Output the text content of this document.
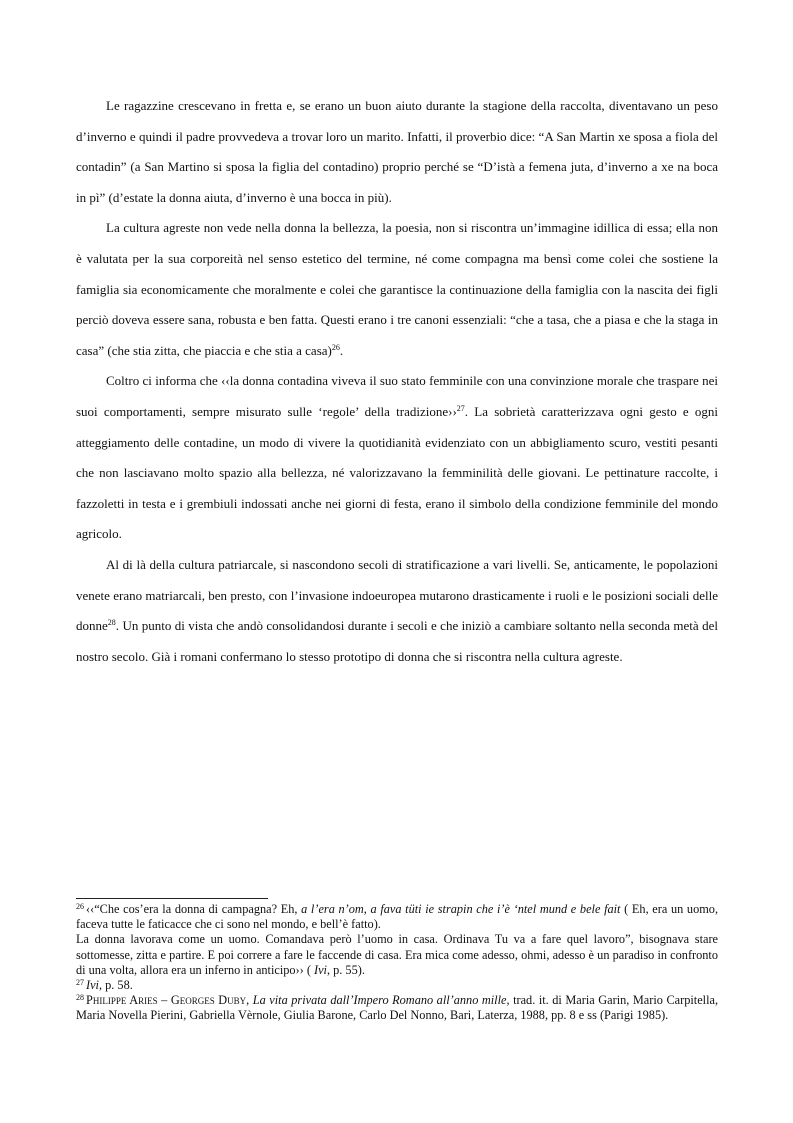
Le ragazzine crescevano in fretta e, se erano un buon aiuto durante la stagione della raccolta, diventavano un peso d’inverno e quindi il padre provvedeva a trovar loro un marito. Infatti, il proverbio dice: “A San Martin xe sposa a fiola del contadin” (a San Martino si sposa la figlia del contadino) proprio perché se “D’istà a femena juta, d’inverno a xe na boca in pì” (d’estate la donna aiuta, d’inverno è una bocca in più).

La cultura agreste non vede nella donna la bellezza, la poesia, non si riscontra un’immagine idillica di essa; ella non è valutata per la sua corporeità nel senso estetico del termine, né come compagna ma bensì come colei che sostiene la famiglia sia economicamente che moralmente e colei che garantisce la continuazione della famiglia con la nascita dei figli perciò doveva essere sana, robusta e ben fatta. Questi erano i tre canoni essenziali: “che a tasa, che a piasa e che la staga in casa” (che stia zitta, che piaccia e che stia a casa)$^{26}$.

Coltro ci informa che ‹‹la donna contadina viveva il suo stato femminile con una convinzione morale che traspare nei suoi comportamenti, sempre misurato sulle ‘regole’ della tradizione››$^{27}$. La sobrietà caratterizzava ogni gesto e ogni atteggiamento delle contadine, un modo di vivere la quotidianità evidenziato con un abbigliamento scuro, vestiti pesanti che non lasciavano molto spazio alla bellezza, né valorizzavano la femminilità delle giovani. Le pettinature raccolte, i fazzoletti in testa e i grembiuli indossati anche nei giorni di festa, erano il simbolo della condizione femminile del mondo agricolo.

Al di là della cultura patriarcale, si nascondono secoli di stratificazione a vari livelli. Se, anticamente, le popolazioni venete erano matriarcali, ben presto, con l’invasione indoeuropea mutarono drasticamente i ruoli e le posizioni sociali delle donne$^{28}$. Un punto di vista che andò consolidandosi durante i secoli e che iniziò a cambiare soltanto nella seconda metà del nostro secolo. Già i romani confermano lo stesso prototipo di donna che si riscontra nella cultura agreste.

$^{26}$ ‹‹“Che cos’era la donna di campagna? Eh, a l’era n’om, a fava tüti ie strapin che i’è ‘ntel mund e bele fait ( Eh, era un uomo, faceva tutte le faticacce che ci sono nel mondo, e bell’è fatto).

La donna lavorava come un uomo. Comandava però l’uomo in casa. Ordinava Tu va a fare quel lavoro”, bisognava stare sottomesse, zitta e partire. E poi correre a fare le faccende di casa. Era mica come adesso, ohmi, adesso è un paradiso in confronto di una volta, allora era un inferno in anticipo›› ( Ivi, p. 55).

$^{27}$ Ivi, p. 58.

$^{28}$ Philippe Aries – Georges Duby, La vita privata dall’Impero Romano all’anno mille, trad. it. di Maria Garin, Mario Carpitella, Maria Novella Pierini, Gabriella Vèrnole, Giulia Barone, Carlo Del Nonno, Bari, Laterza, 1988, pp. 8 e ss (Parigi 1985).
